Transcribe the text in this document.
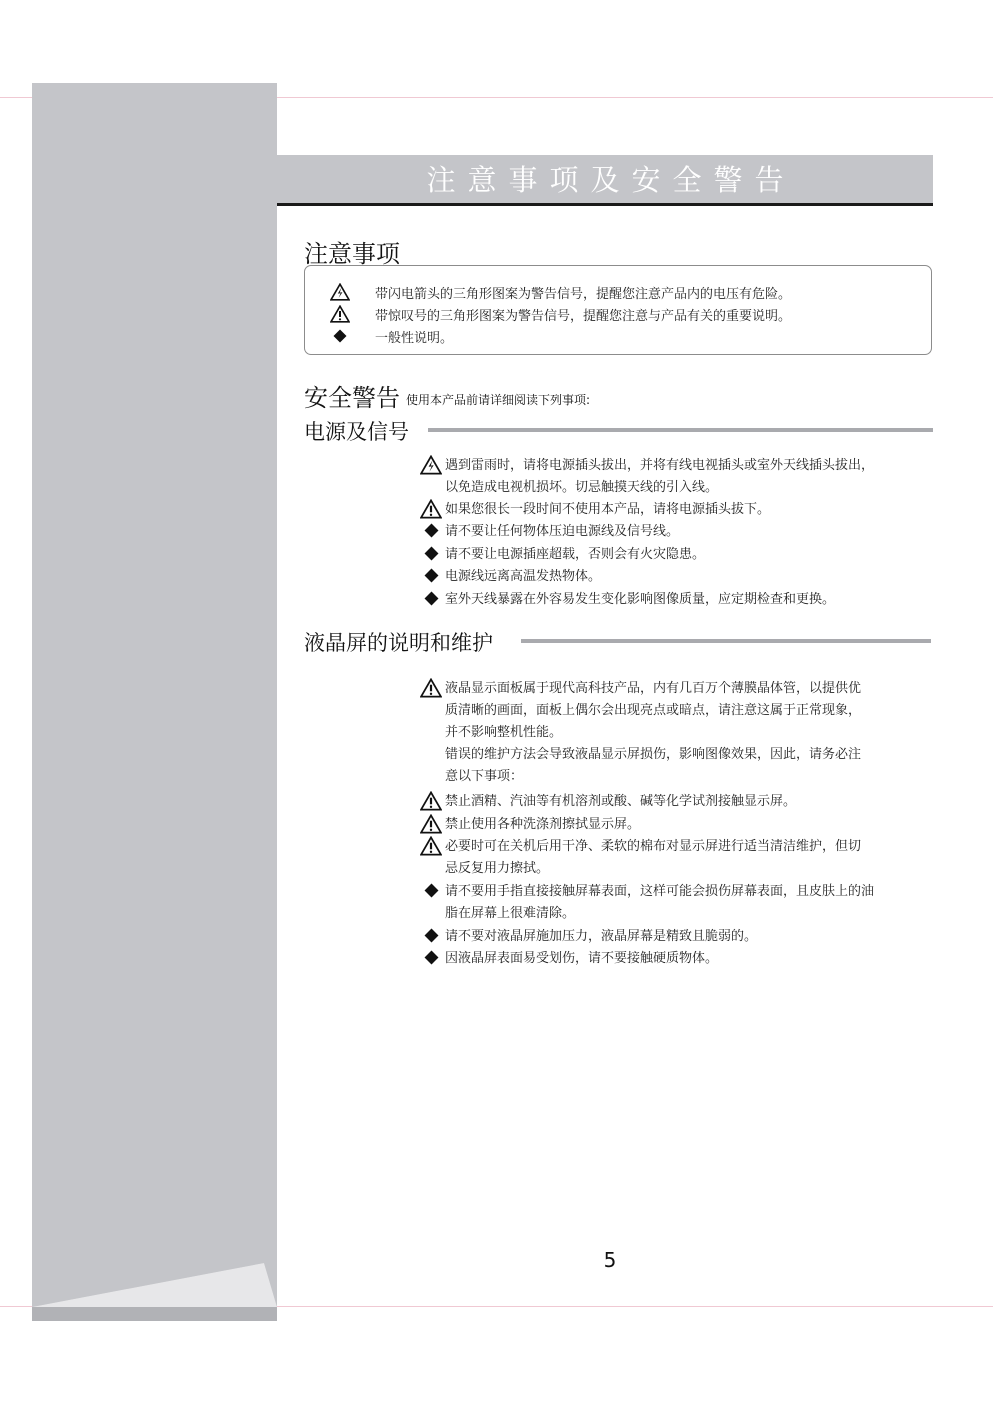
注意事项及安全警告
注意事项
带闪电箭头的三角形图案为警告信号，提醒您注意产品内的电压有危险。
带惊叹号的三角形图案为警告信号，提醒您注意与产品有关的重要说明。
一般性说明。
安全警告 使用本产品前请详细阅读下列事项:
电源及信号

遇到雷雨时，请将电源插头拔出，并将有线电视插头或室外天线插头拔出，

以免造成电视机损坏。切忌触摸天线的引入线。

如果您很长一段时间不使用本产品，请将电源插头拔下。

请不要让任何物体压迫电源线及信号线。

请不要让电源插座超载，否则会有火灾隐患。

电源线远离高温发热物体。

室外天线暴露在外容易发生变化影响图像质量，应定期检查和更换。

液晶屏的说明和维护

液晶显示面板属于现代高科技产品，内有几百万个薄膜晶体管，以提供优

质清晰的画面，面板上偶尔会出现亮点或暗点，请注意这属于正常现象，

并不影响整机性能。

错误的维护方法会导致液晶显示屏损伤，影响图像效果，因此，请务必注

意以下事项：

禁止酒精、汽油等有机溶剂或酸、碱等化学试剂接触显示屏。

禁止使用各种洗涤剂擦拭显示屏。

必要时可在关机后用干净、柔软的棉布对显示屏进行适当清洁维护，但切

忌反复用力擦拭。

请不要用手指直接接触屏幕表面，这样可能会损伤屏幕表面，且皮肤上的油

脂在屏幕上很难清除。

请不要对液晶屏施加压力，液晶屏幕是精致且脆弱的。

因液晶屏表面易受划伤，请不要接触硬质物体。

5
